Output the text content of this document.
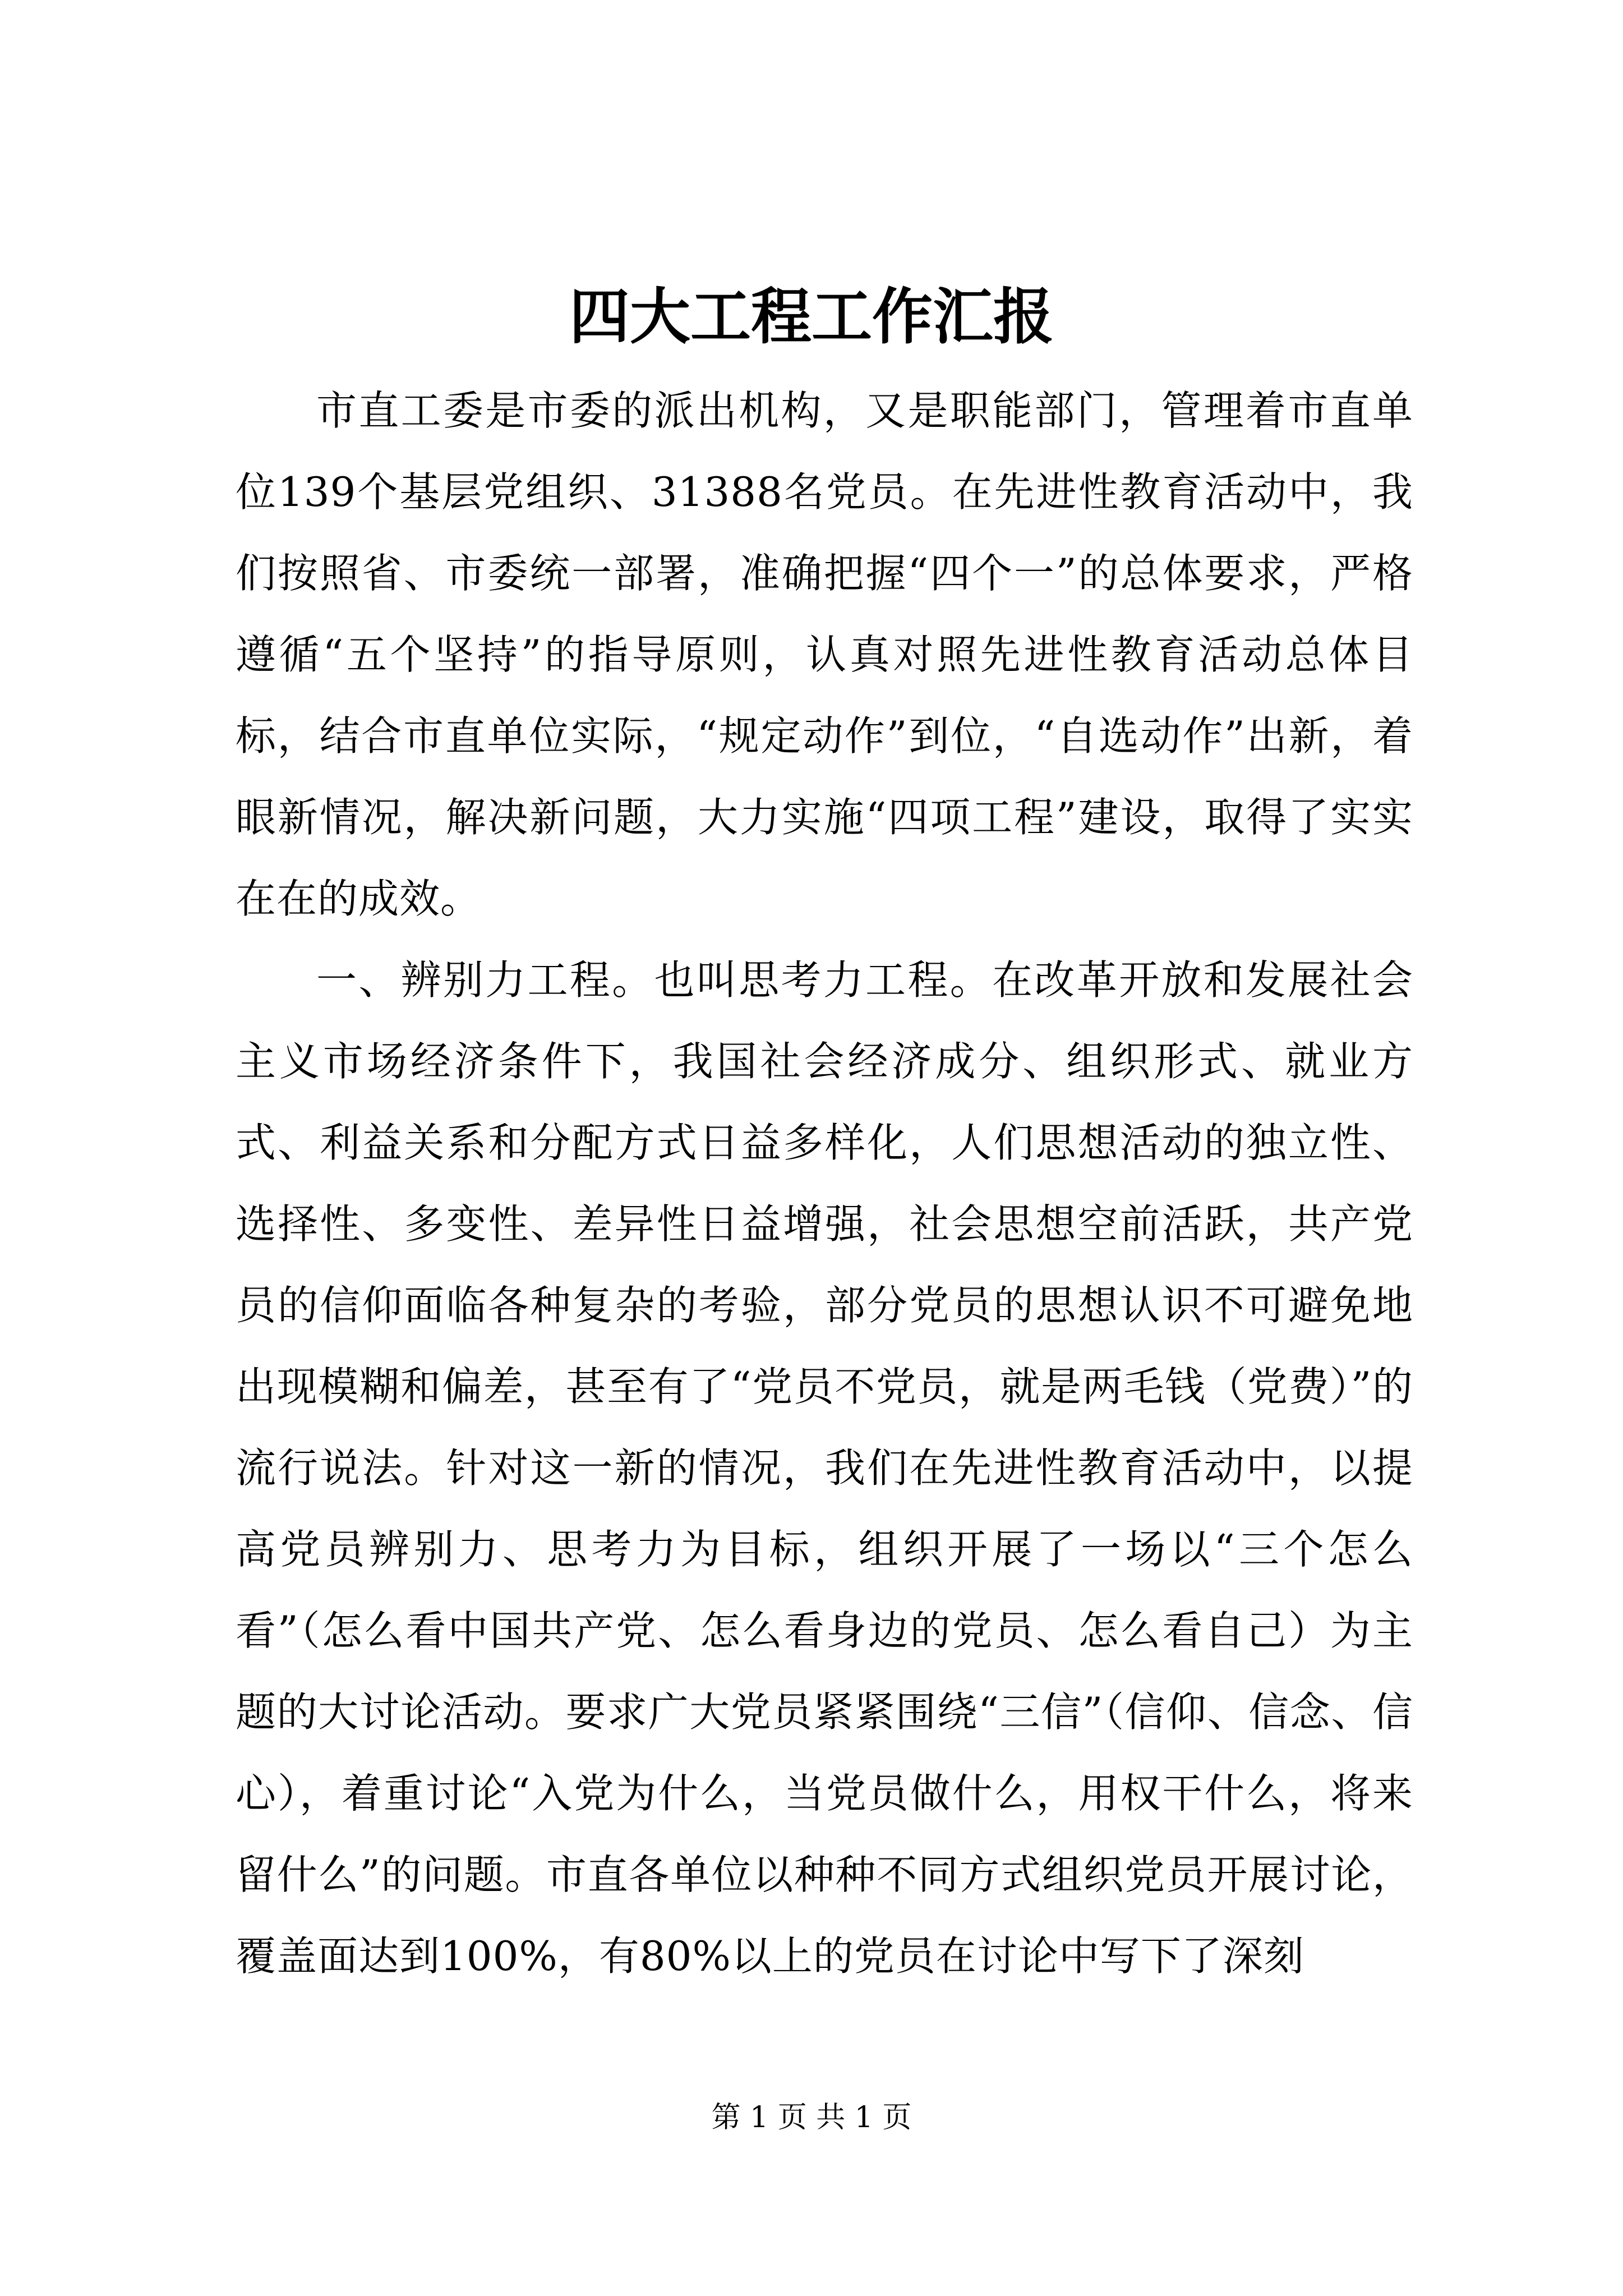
四大工程工作汇报

市直工委是市委的派出机构，又是职能部门，管理着市直单位139个基层党组织、31388名党员。在先进性教育活动中，我们按照省、市委统一部署，准确把握“四个一”的总体要求，严格遵循“五个坚持”的指导原则，认真对照先进性教育活动总体目标，结合市直单位实际，“规定动作”到位，“自选动作”出新，着眼新情况，解决新问题，大力实施“四项工程”建设，取得了实实在在的成效。

一、辨别力工程。也叫思考力工程。在改革开放和发展社会主义市场经济条件下，我国社会经济成分、组织形式、就业方式、利益关系和分配方式日益多样化，人们思想活动的独立性、选择性、多变性、差异性日益增强，社会思想空前活跃，共产党员的信仰面临各种复杂的考验，部分党员的思想认识不可避免地出现模糊和偏差，甚至有了“党员不党员，就是两毛钱（党费）”的流行说法。针对这一新的情况，我们在先进性教育活动中，以提高党员辨别力、思考力为目标，组织开展了一场以“三个怎么看”（怎么看中国共产党、怎么看身边的党员、怎么看自己）为主题的大讨论活动。要求广大党员紧紧围绕“三信”（信仰、信念、信心），着重讨论“入党为什么，当党员做什么，用权干什么，将来留什么”的问题。市直各单位以种种不同方式组织党员开展讨论，覆盖面达到100%，有80%以上的党员在讨论中写下了深刻

第 1 页 共 1 页
